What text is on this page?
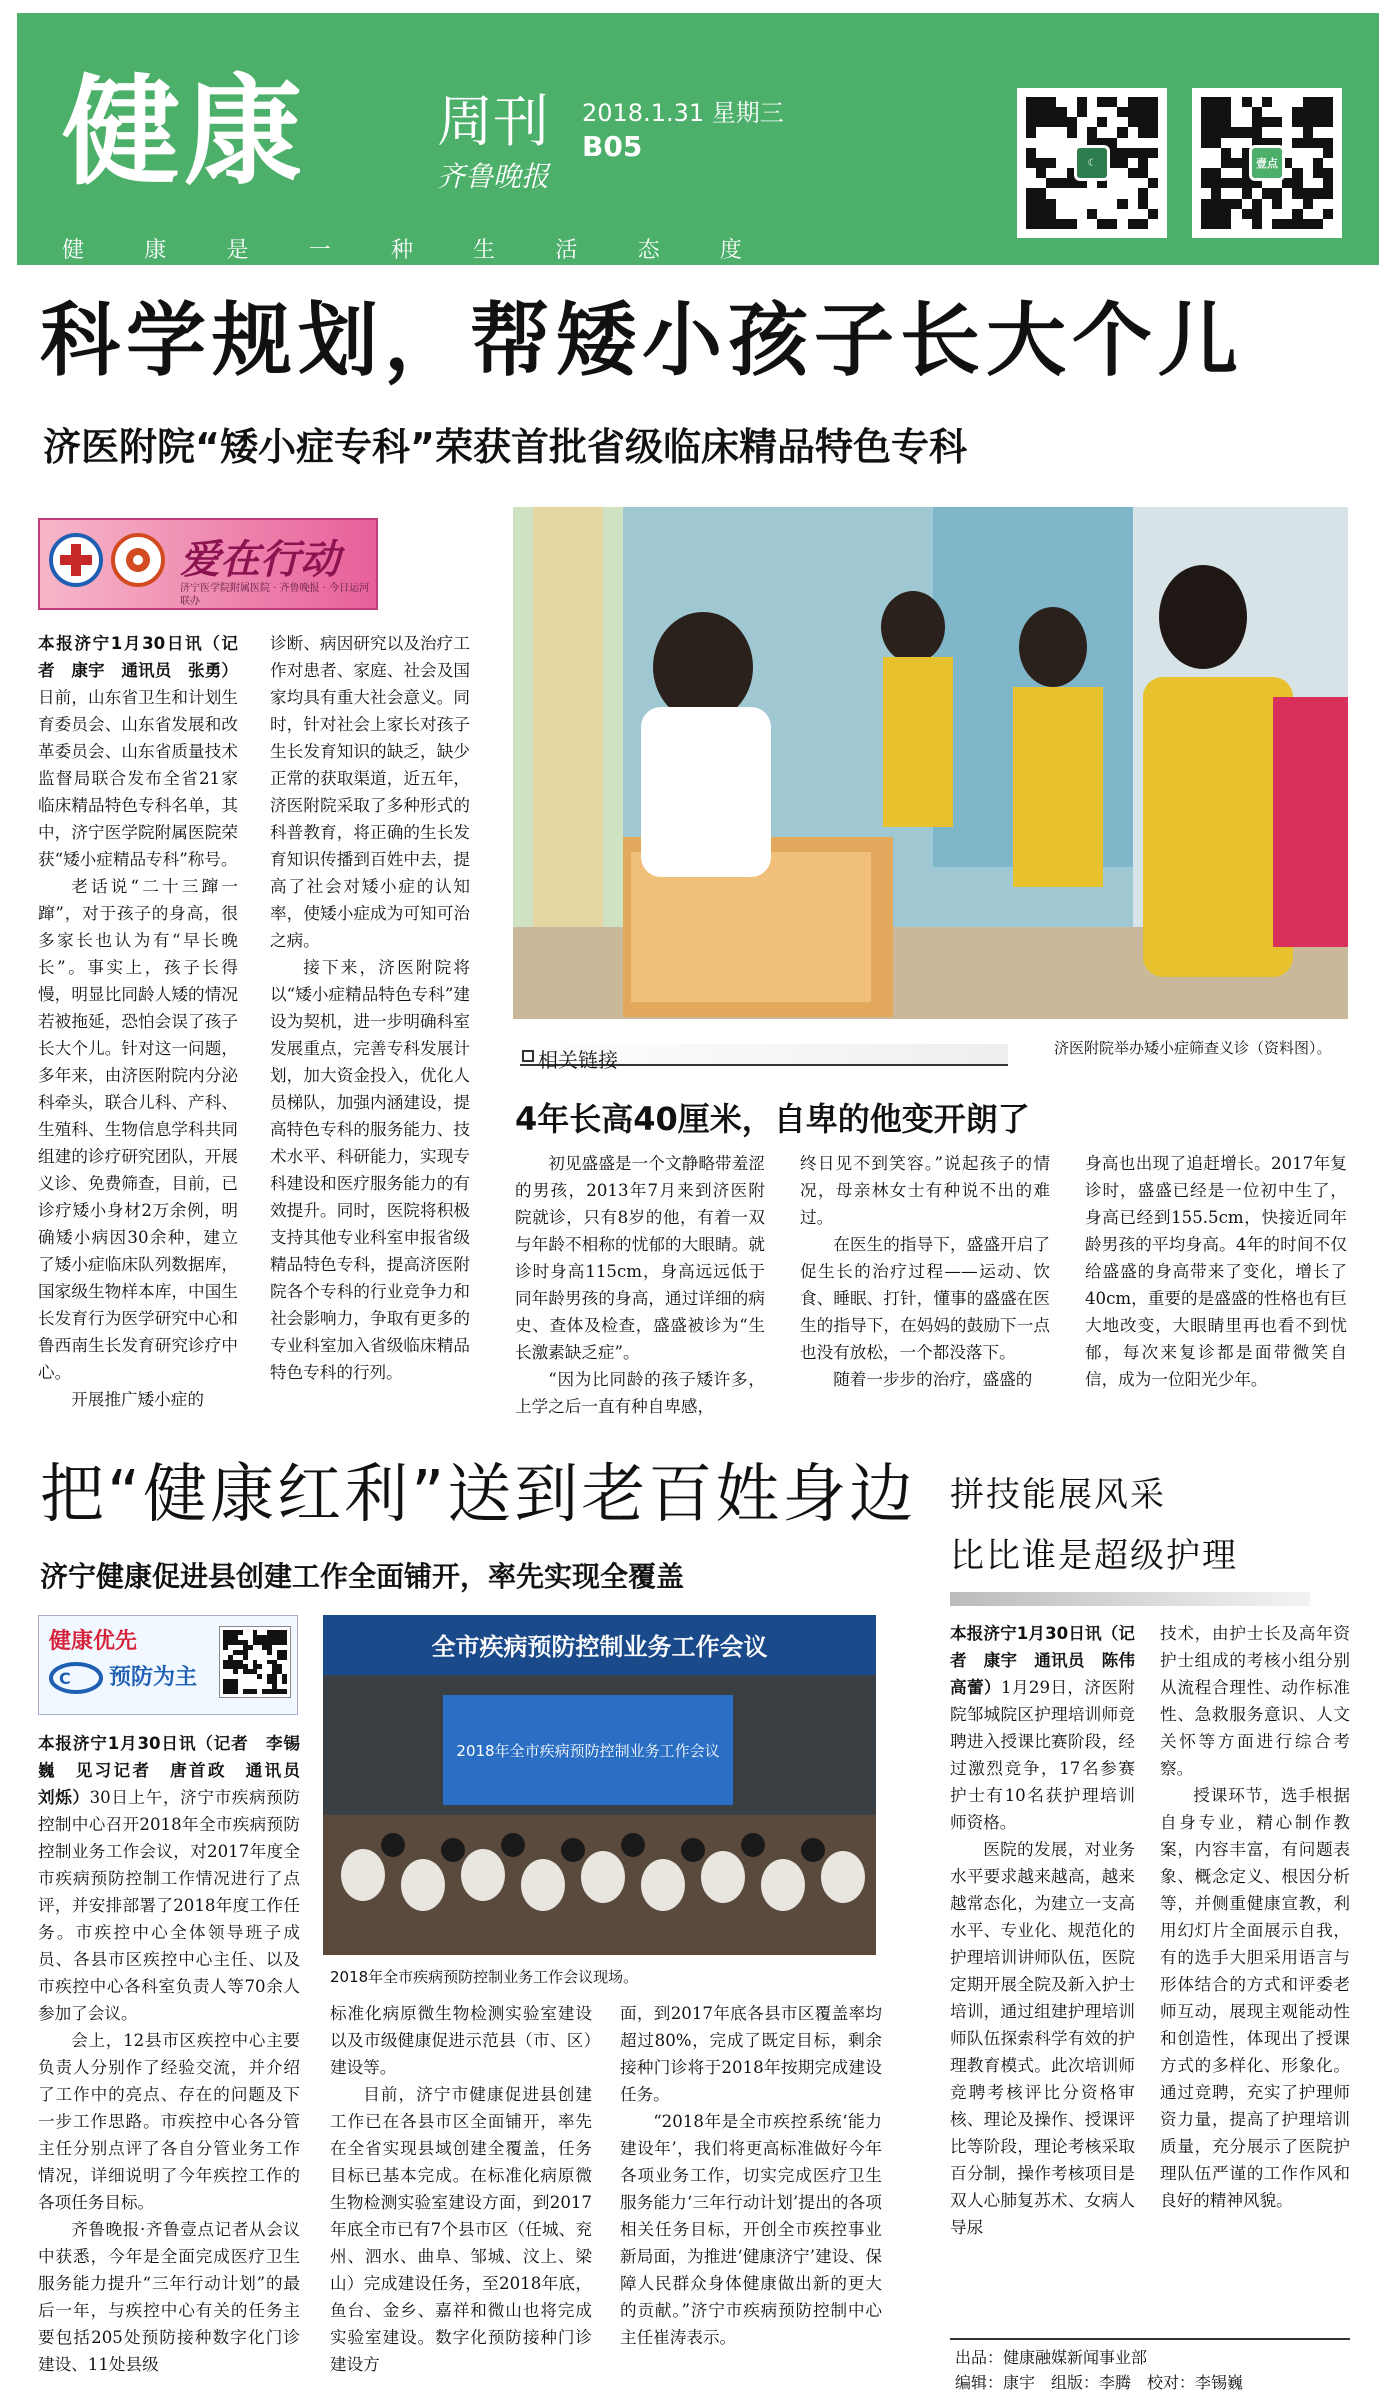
健康 周刊
齐鲁晚报
2018.1.31 星期三
B05
健	康	是	一	种	生	活	态	度
☾	壹点
科学规划，帮矮小孩子长大个儿
济医附院“矮小症专科”荣获首批省级临床精品特色专科
爱在行动
济宁医学院附属医院 · 齐鲁晚报 · 今日运河 联办

本报济宁1月30日讯（记者　康宇　通讯员　张勇）日前，山东省卫生和计划生育委员会、山东省发展和改革委员会、山东省质量技术监督局联合发布全省21家临床精品特色专科名单，其中，济宁医学院附属医院荣获“矮小症精品专科”称号。

老话说“二十三蹿一蹿”，对于孩子的身高，很多家长也认为有“早长晚长”。事实上，孩子长得慢，明显比同龄人矮的情况若被拖延，恐怕会误了孩子长大个儿。针对这一问题，多年来，由济医附院内分泌科牵头，联合儿科、产科、生殖科、生物信息学科共同组建的诊疗研究团队，开展义诊、免费筛查，目前，已诊疗矮小身材2万余例，明确矮小病因30余种，建立了矮小症临床队列数据库，国家级生物样本库，中国生长发育行为医学研究中心和鲁西南生长发育研究诊疗中心。

开展推广矮小症的

诊断、病因研究以及治疗工作对患者、家庭、社会及国家均具有重大社会意义。同时，针对社会上家长对孩子生长发育知识的缺乏，缺少正常的获取渠道，近五年，济医附院采取了多种形式的科普教育，将正确的生长发育知识传播到百姓中去，提高了社会对矮小症的认知率，使矮小症成为可知可治之病。

接下来，济医附院将以“矮小症精品特色专科”建设为契机，进一步明确科室发展重点，完善专科发展计划，加大资金投入，优化人员梯队，加强内涵建设，提高特色专科的服务能力、技术水平、科研能力，实现专科建设和医疗服务能力的有效提升。同时，医院将积极支持其他专业科室申报省级精品特色专科，提高济医附院各个专科的行业竞争力和社会影响力，争取有更多的专业科室加入省级临床精品特色专科的行列。

济医附院举办矮小症筛查义诊（资料图）。
相关链接
4年长高40厘米，自卑的他变开朗了

初见盛盛是一个文静略带羞涩的男孩，2013年7月来到济医附院就诊，只有8岁的他，有着一双与年龄不相称的忧郁的大眼睛。就诊时身高115cm，身高远远低于同年龄男孩的身高，通过详细的病史、查体及检查，盛盛被诊为“生长激素缺乏症”。

“因为比同龄的孩子矮许多，上学之后一直有种自卑感，

终日见不到笑容。”说起孩子的情况，母亲林女士有种说不出的难过。

在医生的指导下，盛盛开启了促生长的治疗过程——运动、饮食、睡眠、打针，懂事的盛盛在医生的指导下，在妈妈的鼓励下一点也没有放松，一个都没落下。

随着一步步的治疗，盛盛的

身高也出现了追赶增长。2017年复诊时，盛盛已经是一位初中生了，身高已经到155.5cm，快接近同年龄男孩的平均身高。4年的时间不仅给盛盛的身高带来了变化，增长了40cm，重要的是盛盛的性格也有巨大地改变，大眼睛里再也看不到忧郁，每次来复诊都是面带微笑自信，成为一位阳光少年。

把“健康红利”送到老百姓身边
济宁健康促进县创建工作全面铺开，率先实现全覆盖
健康优先
预防为主
C

本报济宁1月30日讯（记者　李锡巍　见习记者　唐首政　通讯员　刘烁）30日上午，济宁市疾病预防控制中心召开2018年全市疾病预防控制业务工作会议，对2017年度全市疾病预防控制工作情况进行了点评，并安排部署了2018年度工作任务。市疾控中心全体领导班子成员、各县市区疾控中心主任、以及市疾控中心各科室负责人等70余人参加了会议。

会上，12县市区疾控中心主要负责人分别作了经验交流，并介绍了工作中的亮点、存在的问题及下一步工作思路。市疾控中心各分管主任分别点评了各自分管业务工作情况，详细说明了今年疾控工作的各项任务目标。

齐鲁晚报·齐鲁壹点记者从会议中获悉，今年是全面完成医疗卫生服务能力提升“三年行动计划”的最后一年，与疾控中心有关的任务主要包括205处预防接种数字化门诊建设、11处县级

全市疾病预防控制业务工作会议
2018年全市疾病预防控制业务工作会议
2018年全市疾病预防控制业务工作会议现场。

标准化病原微生物检测实验室建设以及市级健康促进示范县（市、区）建设等。

目前，济宁市健康促进县创建工作已在各县市区全面铺开，率先在全省实现县域创建全覆盖，任务目标已基本完成。在标准化病原微生物检测实验室建设方面，到2017年底全市已有7个县市区（任城、兖州、泗水、曲阜、邹城、汶上、梁山）完成建设任务，至2018年底，鱼台、金乡、嘉祥和微山也将完成实验室建设。数字化预防接种门诊建设方

面，到2017年底各县市区覆盖率均超过80%，完成了既定目标，剩余接种门诊将于2018年按期完成建设任务。

“2018年是全市疾控系统‘能力建设年’，我们将更高标准做好今年各项业务工作，切实完成医疗卫生服务能力‘三年行动计划’提出的各项相关任务目标，开创全市疾控事业新局面，为推进‘健康济宁’建设、保障人民群众身体健康做出新的更大的贡献。”济宁市疾病预防控制中心主任崔涛表示。

拼技能展风采
比比谁是超级护理

本报济宁1月30日讯（记者　康宇　通讯员　陈伟　高蕾）1月29日，济医附院邹城院区护理培训师竞聘进入授课比赛阶段，经过激烈竞争，17名参赛护士有10名获护理培训师资格。

医院的发展，对业务水平要求越来越高，越来越常态化，为建立一支高水平、专业化、规范化的护理培训讲师队伍，医院定期开展全院及新入护士培训，通过组建护理培训师队伍探索科学有效的护理教育模式。此次培训师竞聘考核评比分资格审核、理论及操作、授课评比等阶段，理论考核采取百分制，操作考核项目是双人心肺复苏术、女病人导尿

技术，由护士长及高年资护士组成的考核小组分别从流程合理性、动作标准性、急救服务意识、人文关怀等方面进行综合考察。

授课环节，选手根据自身专业，精心制作教案，内容丰富，有问题表象、概念定义、根因分析等，并侧重健康宣教，利用幻灯片全面展示自我，有的选手大胆采用语言与形体结合的方式和评委老师互动，展现主观能动性和创造性，体现出了授课方式的多样化、形象化。通过竞聘，充实了护理师资力量，提高了护理培训质量，充分展示了医院护理队伍严谨的工作作风和良好的精神风貌。

出品：健康融媒新闻事业部
编辑：康宇　组版：李腾　校对：李锡巍
